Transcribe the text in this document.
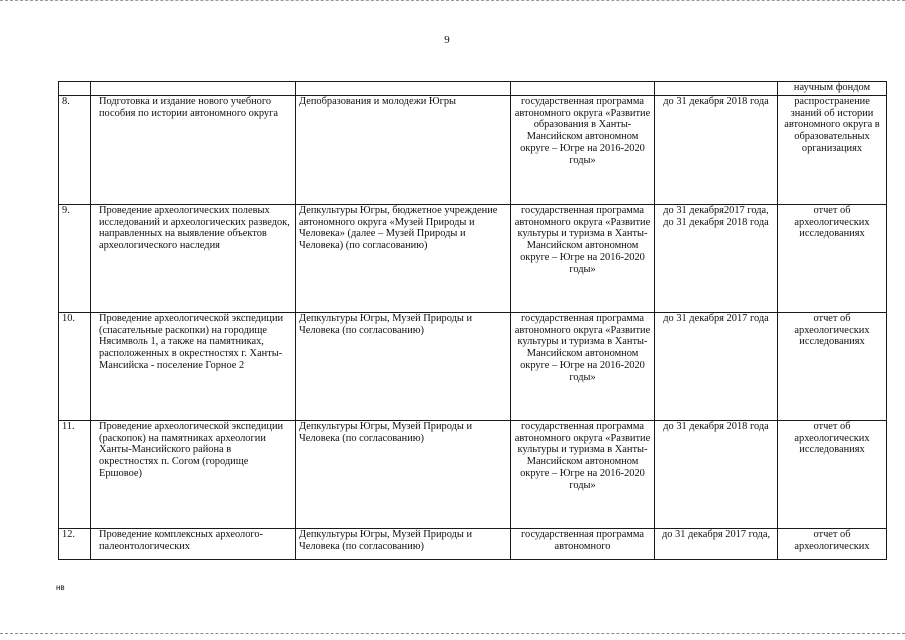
9
					научным фондом
8.	Подготовка и издание нового учебного пособия по истории автономного округа	Депобразования и молодежи Югры	государственная программа автономного округа «Развитие образования в Ханты-Мансийском автономном округе – Югре на 2016-2020 годы»	до 31 декабря 2018 года	распространение знаний об истории автономного округа в образовательных организациях
9.	Проведение археологических полевых исследований и археологических разведок, направленных на выявление объектов археологического наследия	Депкультуры Югры, бюджетное учреждение автономного округа «Музей Природы и Человека» (далее – Музей Природы и Человека) (по согласованию)	государственная программа автономного округа «Развитие культуры и туризма в Ханты-Мансийском автономном округе – Югре на 2016-2020 годы»	до 31 декабря2017 года, до 31 декабря 2018 года	отчет об археологических исследованиях
10.	Проведение археологической экспедиции (спасательные раскопки) на городище Нясимволь 1, а также на памятниках, расположенных в окрестностях г. Ханты-Мансийска - поселение Горное 2	Депкультуры Югры, Музей Природы и Человека (по согласованию)	государственная программа автономного округа «Развитие культуры и туризма в Ханты-Мансийском автономном округе – Югре на 2016-2020 годы»	до 31 декабря 2017 года	отчет об археологических исследованиях
11.	Проведение археологической экспедиции (раскопок) на памятниках археологии Ханты-Мансийского района в окрестностях п. Согом (городище Ершовое)	Депкультуры Югры, Музей Природы и Человека (по согласованию)	государственная программа автономного округа «Развитие культуры и туризма в Ханты-Мансийском автономном округе – Югре на 2016-2020 годы»	до 31 декабря 2018 года	отчет об археологических исследованиях
12.	Проведение комплексных археолого-палеонтологических	Депкультуры Югры, Музей Природы и Человека (по согласованию)	государственная программа автономного	до 31 декабря 2017 года,	отчет об археологических
нв
